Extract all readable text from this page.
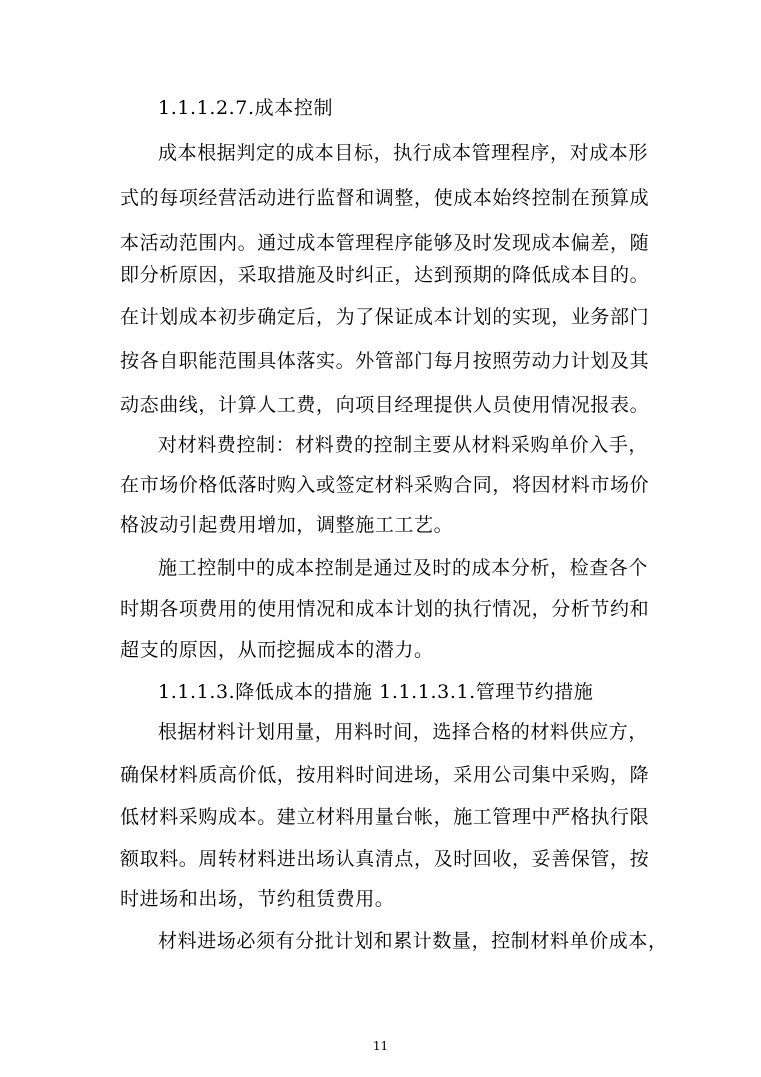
1.1.1.2.7.成本控制
成本根据判定的成本目标，执行成本管理程序，对成本形
式的每项经营活动进行监督和调整，使成本始终控制在预算成
本活动范围内。通过成本管理程序能够及时发现成本偏差，随
即分析原因，采取措施及时纠正，达到预期的降低成本目的。
在计划成本初步确定后，为了保证成本计划的实现，业务部门
按各自职能范围具体落实。外管部门每月按照劳动力计划及其
动态曲线，计算人工费，向项目经理提供人员使用情况报表。
对材料费控制：材料费的控制主要从材料采购单价入手，
在市场价格低落时购入或签定材料采购合同，将因材料市场价
格波动引起费用增加，调整施工工艺。
施工控制中的成本控制是通过及时的成本分析，检查各个
时期各项费用的使用情况和成本计划的执行情况，分析节约和
超支的原因，从而挖掘成本的潜力。
1.1.1.3.降低成本的措施 1.1.1.3.1.管理节约措施
根据材料计划用量，用料时间，选择合格的材料供应方，
确保材料质高价低，按用料时间进场，采用公司集中采购，降
低材料采购成本。建立材料用量台帐，施工管理中严格执行限
额取料。周转材料进出场认真清点，及时回收，妥善保管，按
时进场和出场，节约租赁费用。
材料进场必须有分批计划和累计数量，控制材料单价成本，
11
